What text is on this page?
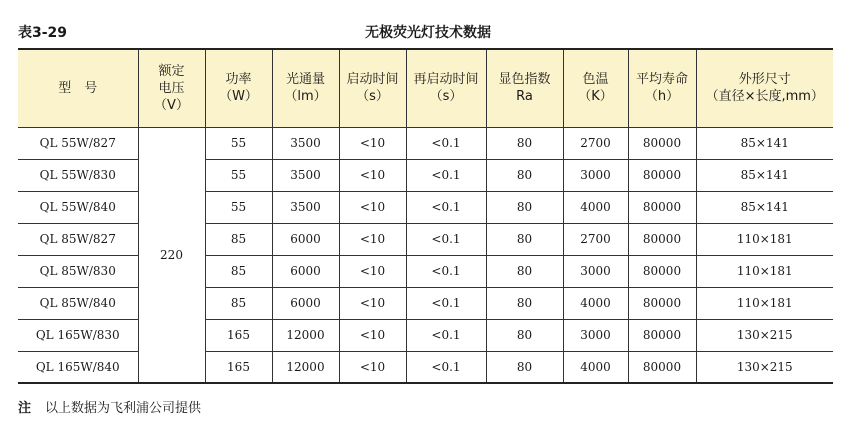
表3-29	无极荧光灯技术数据
型　号	额定
电压
（V）	功率
（W）	光通量
（lm）	启动时间
（s）	再启动时间
（s）	显色指数
Ra	色温
（K）	平均寿命
（h）	外形尺寸
（直径×长度,mm）

QL 55W/827	220	55	3500	<10	<0.1	80	2700	80000	85×141
QL 55W/830		55	3500	<10	<0.1	80	3000	80000	85×141
QL 55W/840		55	3500	<10	<0.1	80	4000	80000	85×141
QL 85W/827		85	6000	<10	<0.1	80	2700	80000	110×181
QL 85W/830		85	6000	<10	<0.1	80	3000	80000	110×181
QL 85W/840		85	6000	<10	<0.1	80	4000	80000	110×181
QL 165W/830		165	12000	<10	<0.1	80	3000	80000	130×215
QL 165W/840		165	12000	<10	<0.1	80	4000	80000	130×215
注 以上数据为飞利浦公司提供
